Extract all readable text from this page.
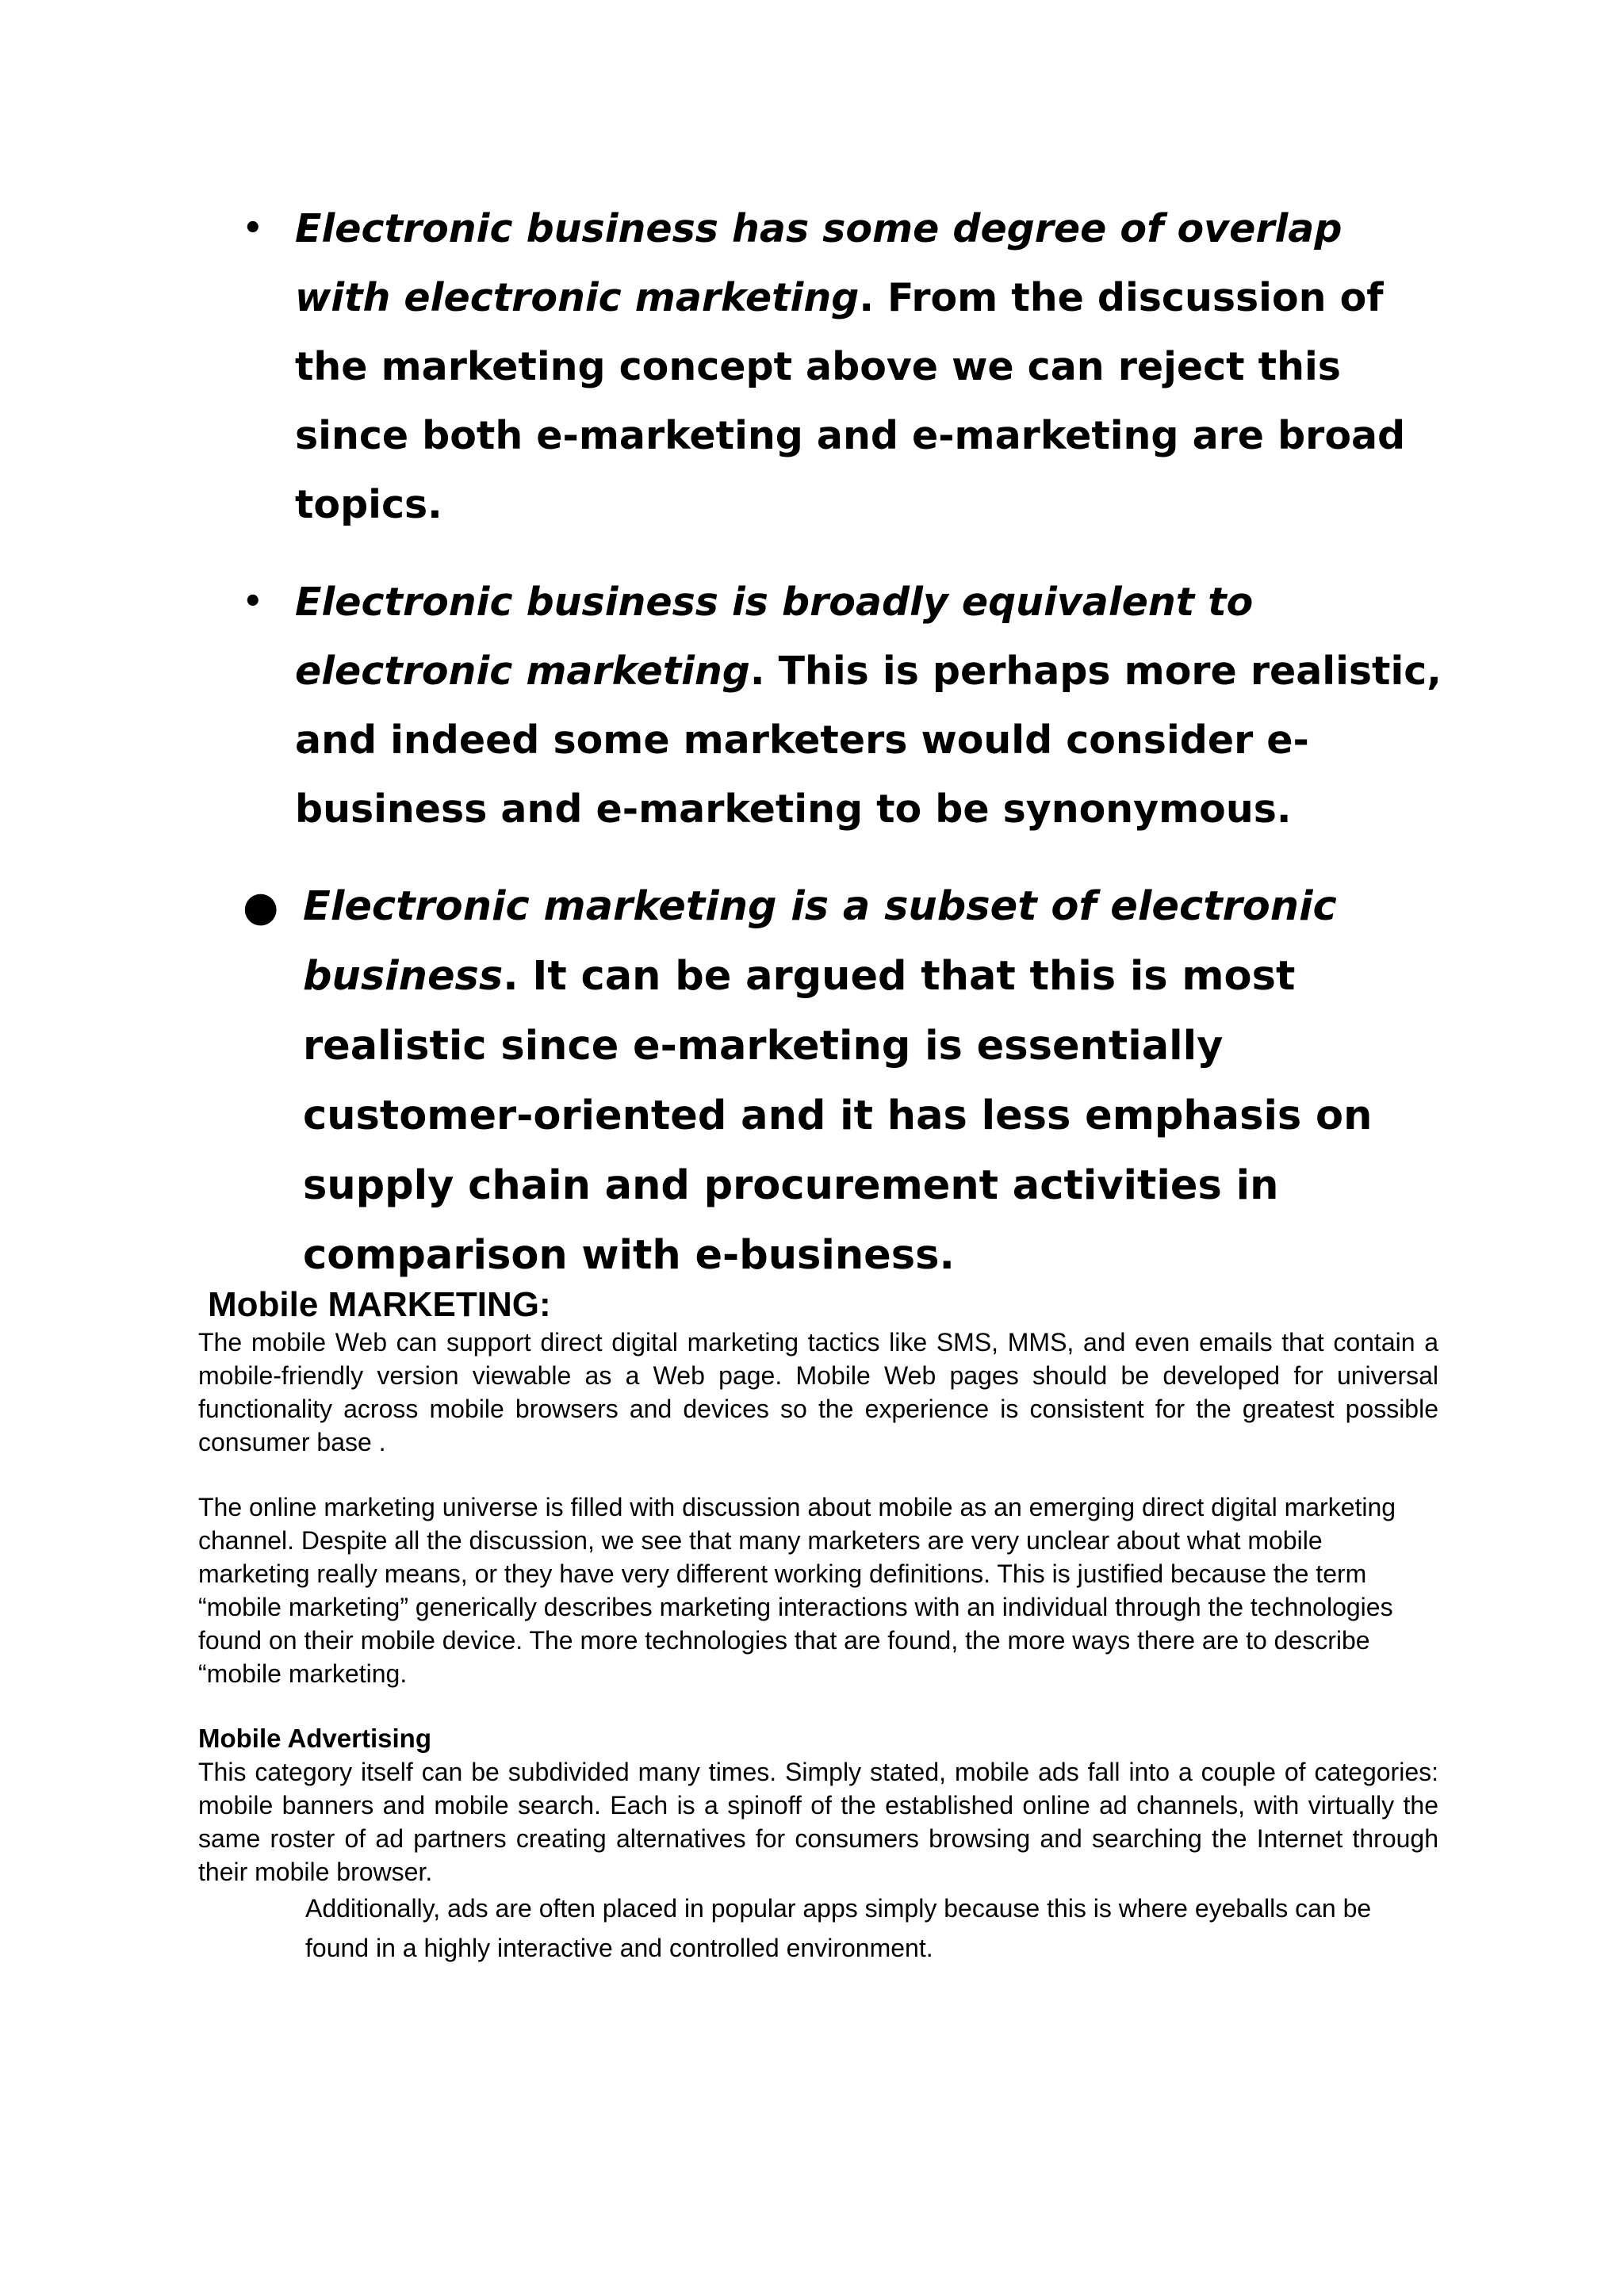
• Electronic business has some degree of overlap with electronic marketing. From the discussion of the marketing concept above we can reject this since both e-marketing and e-marketing are broad topics.
• Electronic business is broadly equivalent to electronic marketing. This is perhaps more realistic, and indeed some marketers would consider e-business and e-marketing to be synonymous.
● Electronic marketing is a subset of electronic business. It can be argued that this is most realistic since e-marketing is essentially customer-oriented and it has less emphasis on supply chain and procurement activities in comparison with e-business.
Mobile MARKETING:

The mobile Web can support direct digital marketing tactics like SMS, MMS, and even emails that contain a mobile-friendly version viewable as a Web page. Mobile Web pages should be developed for universal functionality across mobile browsers and devices so the experience is consistent for the greatest possible consumer base .

The online marketing universe is filled with discussion about mobile as an emerging direct digital marketing channel. Despite all the discussion, we see that many marketers are very unclear about what mobile marketing really means, or they have very different working definitions. This is justified because the term “mobile marketing” generically describes marketing interactions with an individual through the technologies found on their mobile device. The more technologies that are found, the more ways there are to describe “mobile marketing.

Mobile Advertising

This category itself can be subdivided many times. Simply stated, mobile ads fall into a couple of categories: mobile banners and mobile search. Each is a spinoff of the established online ad channels, with virtually the same roster of ad partners creating alternatives for consumers browsing and searching the Internet through their mobile browser.

Additionally, ads are often placed in popular apps simply because this is where eyeballs can be found in a highly interactive and controlled environment.
